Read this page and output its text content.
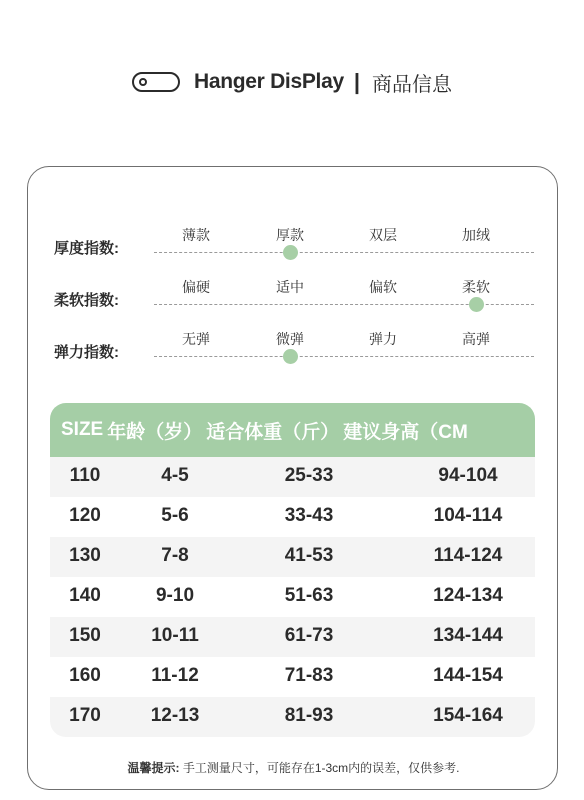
Hanger DisPlay | 商品信息
厚度指数:
薄款	厚款	双层	加绒
柔软指数:
偏硬	适中	偏软	柔软
弹力指数:
无弹	微弹	弹力	高弹
SIZE 年龄（岁） 适合体重（斤） 建议身高（CM
110	4-5	25-33	94-104
120	5-6	33-43	104-114
130	7-8	41-53	114-124
140	9-10	51-63	124-134
150	10-11	61-73	134-144
160	11-12	71-83	144-154
170	12-13	81-93	154-164
温馨提示: 手工测量尺寸，可能存在1-3cm内的误差，仅供参考.
